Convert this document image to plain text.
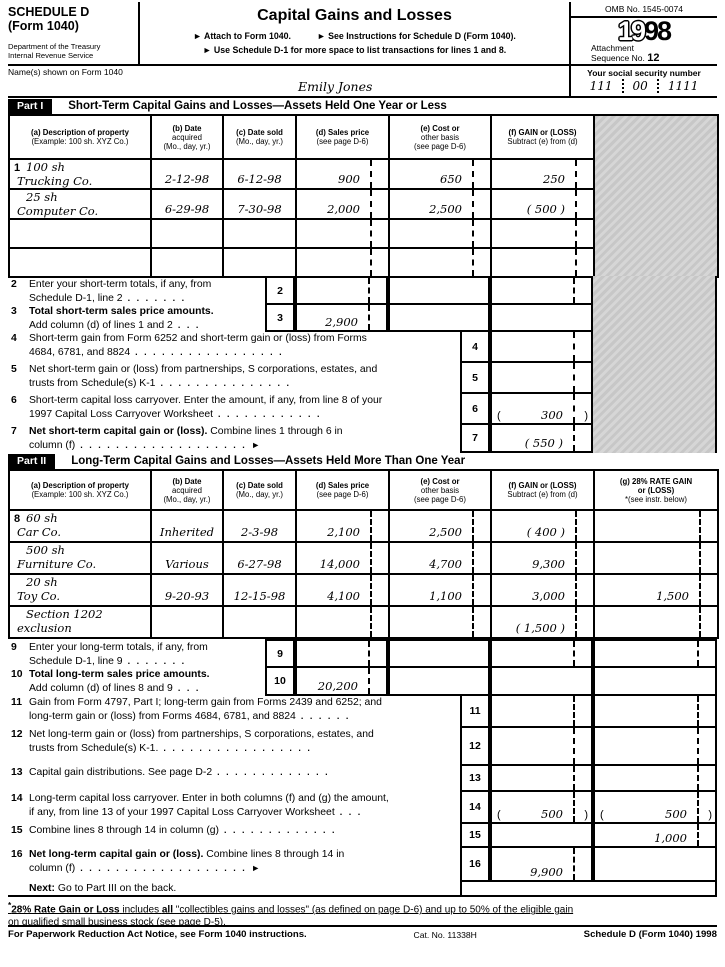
SCHEDULE D
(Form 1040)
Department of the Treasury
Internal Revenue Service
Capital Gains and Losses
► Attach to Form 1040.	► See Instructions for Schedule D (Form 1040).
► Use Schedule D-1 for more space to list transactions for lines 1 and 8.
OMB No. 1545-0074
1998
Attachment
Sequence No. 12
Name(s) shown on Form 1040
Emily Jones
Your social security number
111 00 1111
Part I	Short-Term Capital Gains and Losses—Assets Held One Year or Less
(a) Description of property
(Example: 100 sh. XYZ Co.)	(b) Date
acquired
(Mo., day, yr.)	(c) Date sold
(Mo., day, yr.)	(d) Sales price
(see page D-6)	(e) Cost or
other basis
(see page D-6)	(f) GAIN or (LOSS)
Subtract (e) from (d)	

1 100 sh
Trucking Co.	2-12-98	6-12-98	900	650	250	

25 sh
Computer Co.	6-29-98	7-30-98	2,000	2,500	( 500 )	

2 Enter your short-term totals, if any, from
Schedule D-1, line 2 . . . . . . .
2
3 Total short-term sales price amounts.
Add column (d) of lines 1 and 2 . . .
3	2,900
4 Short-term gain from Form 6252 and short-term gain or (loss) from Forms
4684, 6781, and 8824 . . . . . . . . . . . . . . . . .	4
5 Net short-term gain or (loss) from partnerships, S corporations, estates, and
trusts from Schedule(s) K-1 . . . . . . . . . . . . . . .	5
6 Short-term capital loss carryover. Enter the amount, if any, from line 8 of your
1997 Capital Loss Carryover Worksheet . . . . . . . . . . . .	6
(	300 )
7 Net short-term capital gain or (loss). Combine lines 1 through 6 in
column (f) . . . . . . . . . . . . . . . . . . . ►
7	( 550 )
Part II	Long-Term Capital Gains and Losses—Assets Held More Than One Year
(a) Description of property
(Example: 100 sh. XYZ Co.)	(b) Date
acquired
(Mo., day, yr.)	(c) Date sold
(Mo., day, yr.)	(d) Sales price
(see page D-6)	(e) Cost or
other basis
(see page D-6)	(f) GAIN or (LOSS)
Subtract (e) from (d)	(g) 28% RATE GAIN
or (LOSS)
*(see instr. below)

8 60 sh
Car Co.	Inherited	2-3-98	2,100	2,500	( 400 )	

500 sh
Furniture Co.	Various	6-27-98	14,000	4,700	9,300	

20 sh
Toy Co.	9-20-93	12-15-98	4,100	1,100	3,000	1,500

Section 1202
exclusion					( 1,500 )	
9 Enter your long-term totals, if any, from
Schedule D-1, line 9 . . . . . . .
9
10 Total long-term sales price amounts.
Add column (d) of lines 8 and 9 . . .
10	20,200
11 Gain from Form 4797, Part I; long-term gain from Forms 2439 and 6252; and
long-term gain or (loss) from Forms 4684, 6781, and 8824 . . . . . .	11
12 Net long-term gain or (loss) from partnerships, S corporations, estates, and
trusts from Schedule(s) K-1. . . . . . . . . . . . . . . . . .	12
13 Capital gain distributions. See page D-2 . . . . . . . . . . . . .	13
14 Long-term capital loss carryover. Enter in both columns (f) and (g) the amount,
if any, from line 13 of your 1997 Capital Loss Carryover Worksheet . . .	14
(	500 ) (	500 )
15 Combine lines 8 through 14 in column (g) . . . . . . . . . . . . .	15	1,000
16 Net long-term capital gain or (loss). Combine lines 8 through 14 in
column (f) . . . . . . . . . . . . . . . . . . . ►	16
9,900
Next: Go to Part III on the back.
*28% Rate Gain or Loss includes all "collectibles gains and losses" (as defined on page D-6) and up to 50% of the eligible gain
on qualified small business stock (see page D-5).
For Paperwork Reduction Act Notice, see Form 1040 instructions.	Cat. No. 11338H	Schedule D (Form 1040) 1998
